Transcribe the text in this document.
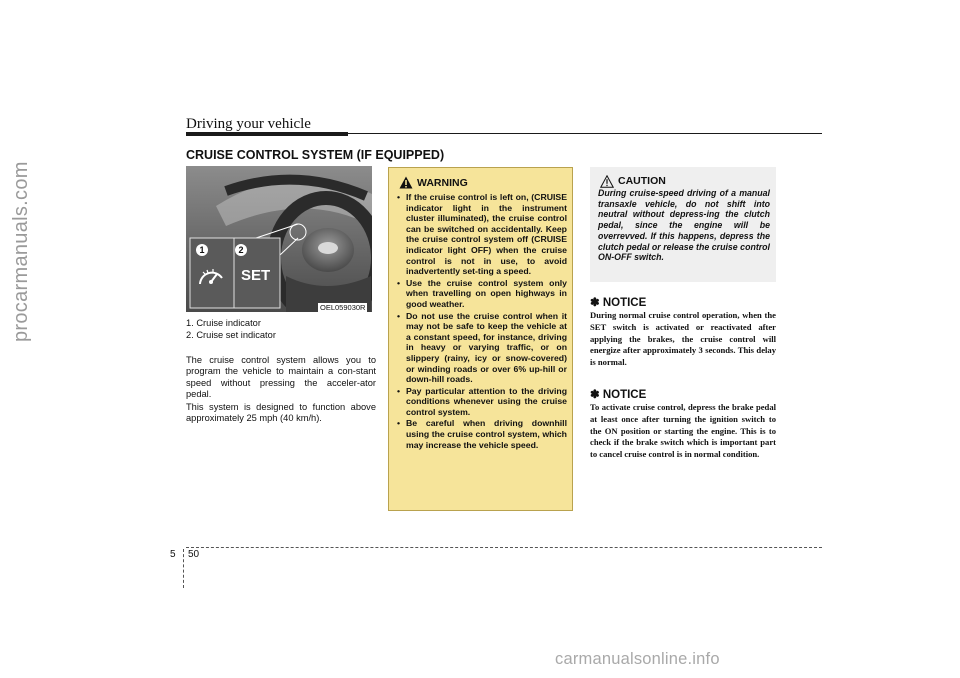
procarmanuals.com
Driving your vehicle
CRUISE CONTROL SYSTEM (IF EQUIPPED)
1	2
SET
OEL059030R
1. Cruise indicator
2. Cruise set indicator
The cruise control system allows you to program the vehicle to maintain a con-stant speed without pressing the acceler-ator pedal.
This system is designed to function above approximately 25 mph (40 km/h).
WARNING
• If the cruise control is left on, (CRUISE indicator light in the instrument cluster illuminated), the cruise control can be switched on accidentally. Keep the cruise control system off (CRUISE indicator light OFF) when the cruise control is not in use, to avoid inadvertently set-ting a speed.
• Use the cruise control system only when travelling on open highways in good weather.
• Do not use the cruise control when it may not be safe to keep the vehicle at a constant speed, for instance, driving in heavy or varying traffic, or on slippery (rainy, icy or snow-covered) or winding roads or over 6% up-hill or down-hill roads.
• Pay particular attention to the driving conditions whenever using the cruise control system.
• Be careful when driving downhill using the cruise control system, which may increase the vehicle speed.
CAUTION
During cruise-speed driving of a manual transaxle vehicle, do not shift into neutral without depress-ing the clutch pedal, since the engine will be overrevved. If this happens, depress the clutch pedal or release the cruise control ON-OFF switch.
✽ NOTICE
During normal cruise control operation, when the SET switch is activated or reactivated after applying the brakes, the cruise control will energize after approximately 3 seconds. This delay is normal.
✽ NOTICE
To activate cruise control, depress the brake pedal at least once after turning the ignition switch to the ON position or starting the engine. This is to check if the brake switch which is important part to cancel cruise control is in normal condition.
5 50
carmanualsonline.info
